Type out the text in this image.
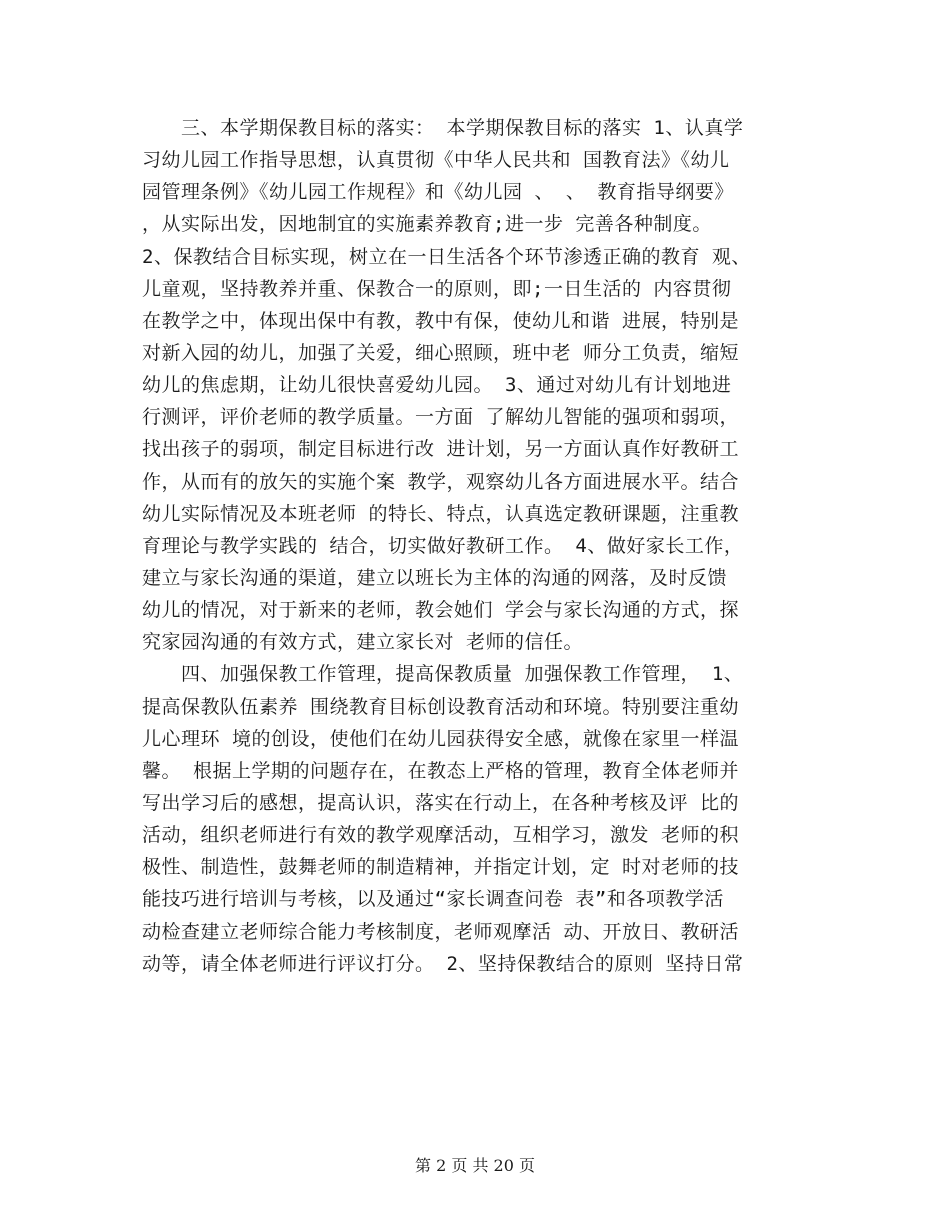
　　三、本学期保教目标的落实： 本学期保教目标的落实 1、认真学
习幼儿园工作指导思想，认真贯彻《中华人民共和 国教育法》《幼儿
园管理条例》《幼儿园工作规程》和《幼儿园 、 、 教育指导纲要》
，从实际出发，因地制宜的实施素养教育;进一步 完善各种制度。
2、保教结合目标实现，树立在一日生活各个环节渗透正确的教育 观、
儿童观，坚持教养并重、保教合一的原则，即;一日生活的 内容贯彻
在教学之中，体现出保中有教，教中有保，使幼儿和谐 进展，特别是
对新入园的幼儿，加强了关爱，细心照顾，班中老 师分工负责，缩短
幼儿的焦虑期，让幼儿很快喜爱幼儿园。 3、通过对幼儿有计划地进
行测评，评价老师的教学质量。一方面 了解幼儿智能的强项和弱项，
找出孩子的弱项，制定目标进行改 进计划，另一方面认真作好教研工
作，从而有的放矢的实施个案 教学，观察幼儿各方面进展水平。结合
幼儿实际情况及本班老师 的特长、特点，认真选定教研课题，注重教
育理论与教学实践的 结合，切实做好教研工作。 4、做好家长工作，
建立与家长沟通的渠道，建立以班长为主体的沟通的网落，及时反馈
幼儿的情况，对于新来的老师，教会她们 学会与家长沟通的方式，探
究家园沟通的有效方式，建立家长对 老师的信任。
　　四、加强保教工作管理，提高保教质量 加强保教工作管理， 1、
提高保教队伍素养 围绕教育目标创设教育活动和环境。特别要注重幼
儿心理环 境的创设，使他们在幼儿园获得安全感，就像在家里一样温
馨。 根据上学期的问题存在，在教态上严格的管理，教育全体老师并
写出学习后的感想，提高认识，落实在行动上，在各种考核及评 比的
活动，组织老师进行有效的教学观摩活动，互相学习，激发 老师的积
极性、制造性，鼓舞老师的制造精神，并指定计划，定 时对老师的技
能技巧进行培训与考核，以及通过“家长调查问卷 表”和各项教学活
动检查建立老师综合能力考核制度，老师观摩活 动、开放日、教研活
动等，请全体老师进行评议打分。 2、坚持保教结合的原则 坚持日常
第 2 页 共 20 页
